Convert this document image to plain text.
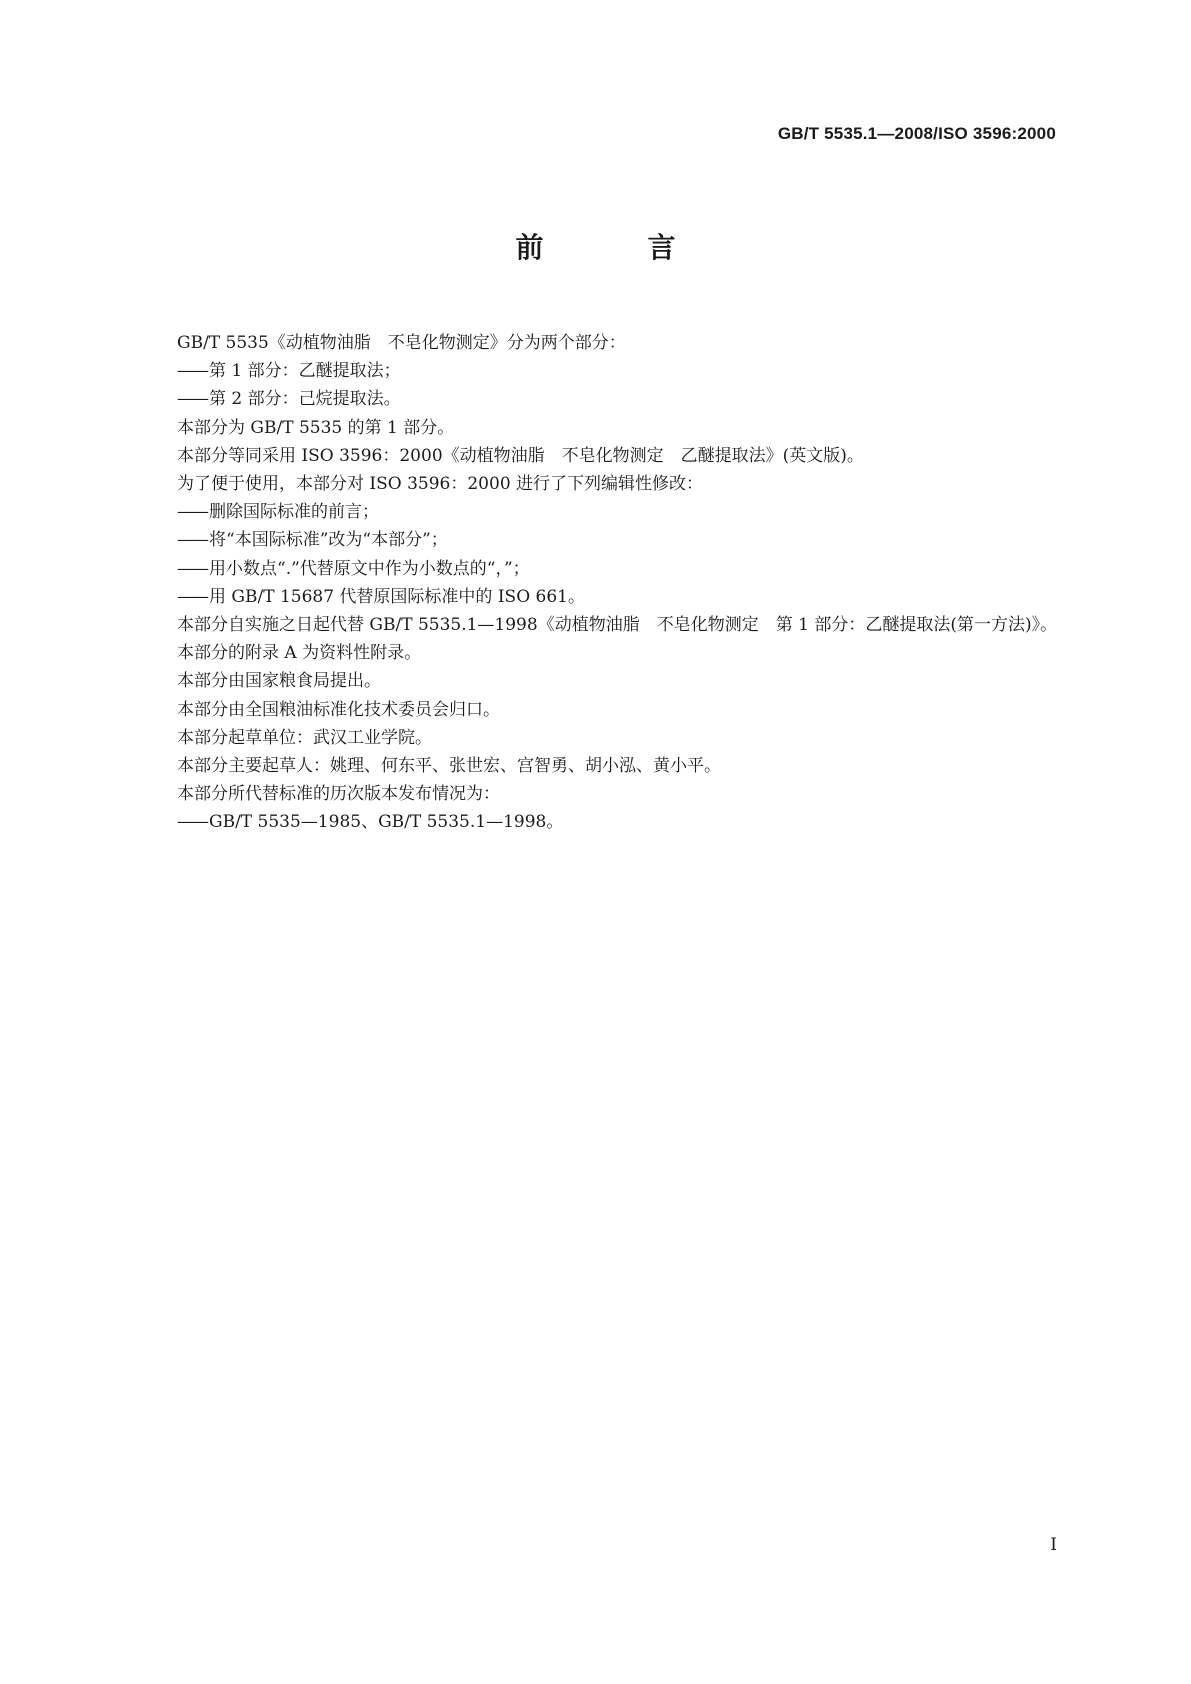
GB/T 5535.1—2008/ISO 3596:2000
前　言

GB/T 5535《动植物油脂　不皂化物测定》分为两个部分：

—— 第 1 部分：乙醚提取法；

—— 第 2 部分：己烷提取法。

本部分为 GB/T 5535 的第 1 部分。

本部分等同采用 ISO 3596：2000《动植物油脂　不皂化物测定　乙醚提取法》(英文版)。

为了便于使用，本部分对 ISO 3596：2000 进行了下列编辑性修改：

—— 删除国际标准的前言；

—— 将“本国际标准”改为“本部分”；

—— 用小数点“.”代替原文中作为小数点的“，”；

—— 用 GB/T 15687 代替原国际标准中的 ISO 661。

本部分自实施之日起代替 GB/T 5535.1—1998《动植物油脂　不皂化物测定　第 1 部分：乙醚提取法(第一方法)》。

本部分的附录 A 为资料性附录。

本部分由国家粮食局提出。

本部分由全国粮油标准化技术委员会归口。

本部分起草单位：武汉工业学院。

本部分主要起草人：姚理、何东平、张世宏、宫智勇、胡小泓、黄小平。

本部分所代替标准的历次版本发布情况为：

—— GB/T 5535—1985、GB/T 5535.1—1998。

I
